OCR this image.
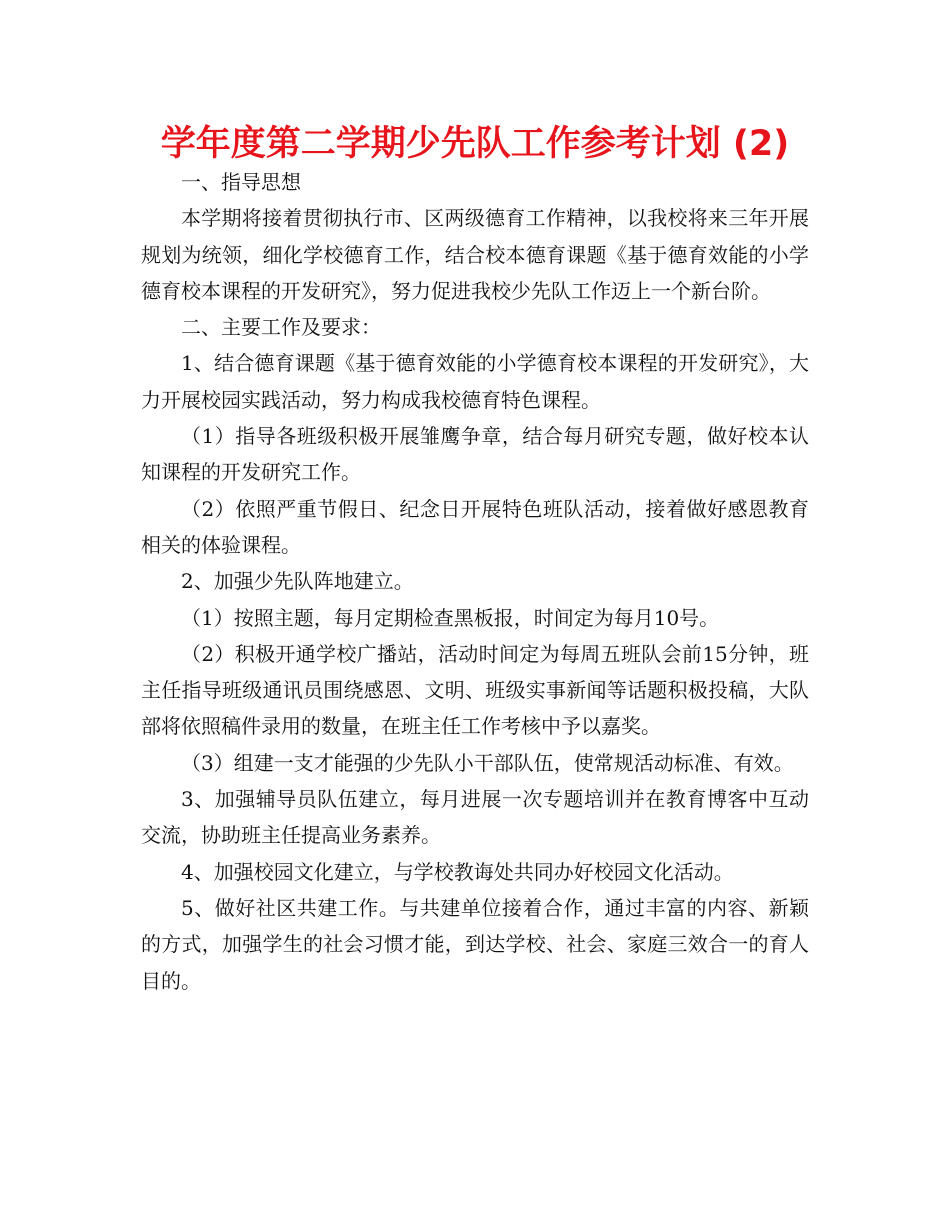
学年度第二学期少先队工作参考计划 (2)

一、指导思想

本学期将接着贯彻执行市、区两级德育工作精神，以我校将来三年开展规划为统领，细化学校德育工作，结合校本德育课题《基于德育效能的小学德育校本课程的开发研究》，努力促进我校少先队工作迈上一个新台阶。

二、主要工作及要求：

1、结合德育课题《基于德育效能的小学德育校本课程的开发研究》，大力开展校园实践活动，努力构成我校德育特色课程。

（1）指导各班级积极开展雏鹰争章，结合每月研究专题，做好校本认知课程的开发研究工作。

（2）依照严重节假日、纪念日开展特色班队活动，接着做好感恩教育相关的体验课程。

2、加强少先队阵地建立。

（1）按照主题，每月定期检查黑板报，时间定为每月10号。

（2）积极开通学校广播站，活动时间定为每周五班队会前15分钟，班主任指导班级通讯员围绕感恩、文明、班级实事新闻等话题积极投稿，大队部将依照稿件录用的数量，在班主任工作考核中予以嘉奖。

（3）组建一支才能强的少先队小干部队伍，使常规活动标准、有效。

3、加强辅导员队伍建立，每月进展一次专题培训并在教育博客中互动交流，协助班主任提高业务素养。

4、加强校园文化建立，与学校教诲处共同办好校园文化活动。

5、做好社区共建工作。与共建单位接着合作，通过丰富的内容、新颖的方式，加强学生的社会习惯才能，到达学校、社会、家庭三效合一的育人目的。
